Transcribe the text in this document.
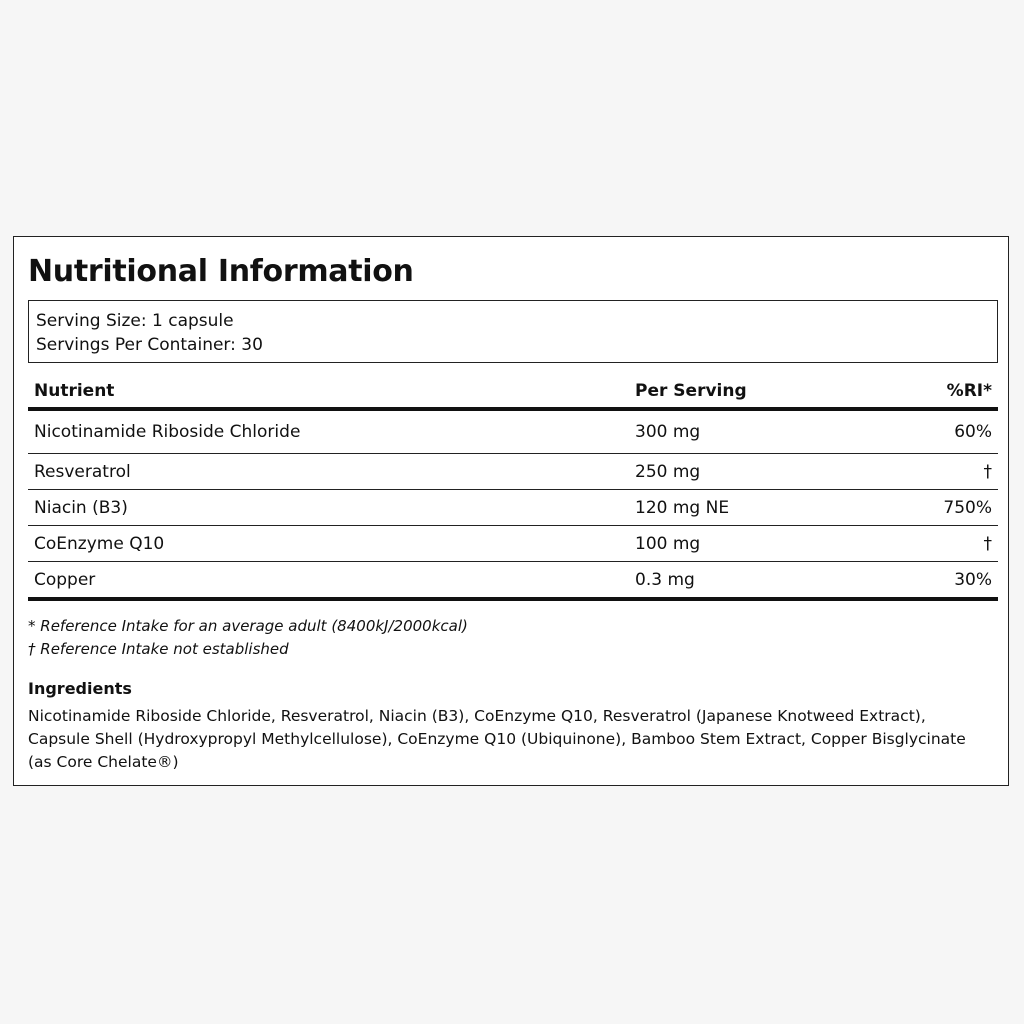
Nutritional Information
Serving Size: 1 capsule
Servings Per Container: 30
Nutrient	Per Serving	%RI*
Nicotinamide Riboside Chloride	300 mg	60%
Resveratrol	250 mg	†
Niacin (B3)	120 mg NE	750%
CoEnzyme Q10	100 mg	†
Copper	0.3 mg	30%
* Reference Intake for an average adult (8400kJ/2000kcal)
† Reference Intake not established
Ingredients

Nicotinamide Riboside Chloride, Resveratrol, Niacin (B3), CoEnzyme Q10, Resveratrol (Japanese Knotweed Extract), Capsule Shell (Hydroxypropyl Methylcellulose), CoEnzyme Q10 (Ubiquinone), Bamboo Stem Extract, Copper Bisglycinate (as Core Chelate®)
